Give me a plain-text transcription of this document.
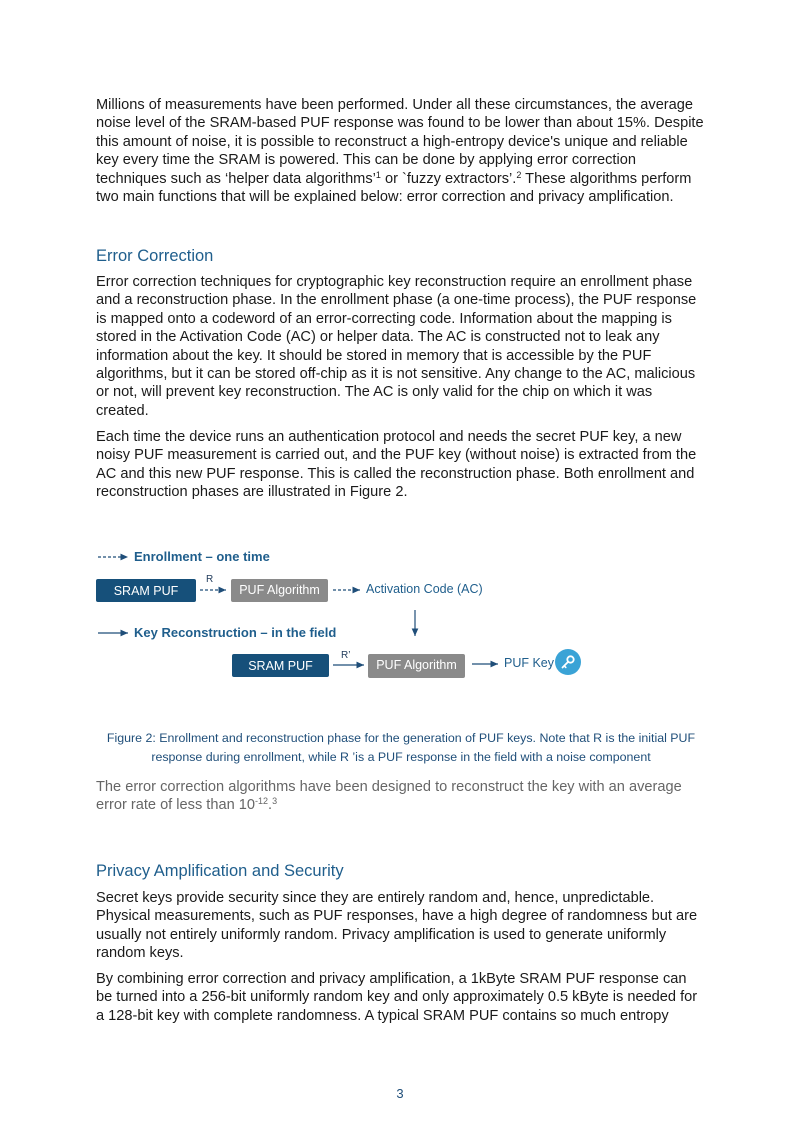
Millions of measurements have been performed. Under all these circumstances, the average noise level of the SRAM-based PUF response was found to be lower than about 15%. Despite this amount of noise, it is possible to reconstruct a high-entropy device's unique and reliable key every time the SRAM is powered. This can be done by applying error correction techniques such as ‘helper data algorithms’$^1$ or `fuzzy extractors’.$^2$ These algorithms perform two main functions that will be explained below: error correction and privacy amplification.

Error Correction

Error correction techniques for cryptographic key reconstruction require an enrollment phase and a reconstruction phase. In the enrollment phase (a one-time process), the PUF response is mapped onto a codeword of an error-correcting code. Information about the mapping is stored in the Activation Code (AC) or helper data. The AC is constructed not to leak any information about the key. It should be stored in memory that is accessible by the PUF algorithms, but it can be stored off-chip as it is not sensitive. Any change to the AC, malicious or not, will prevent key reconstruction. The AC is only valid for the chip on which it was created.

Each time the device runs an authentication protocol and needs the secret PUF key, a new noisy PUF measurement is carried out, and the PUF key (without noise) is extracted from the AC and this new PUF response. This is called the reconstruction phase. Both enrollment and reconstruction phases are illustrated in Figure 2.

Figure 2: Enrollment and reconstruction phase for the generation of PUF keys. Note that R is the initial PUF response during enrollment, while R ’is a PUF response in the field with a noise component

The error correction algorithms have been designed to reconstruct the key with an average error rate of less than $10^{-12}.^3$

Privacy Amplification and Security

Secret keys provide security since they are entirely random and, hence, unpredictable. Physical measurements, such as PUF responses, have a high degree of randomness but are usually not entirely uniformly random. Privacy amplification is used to generate uniformly random keys.

By combining error correction and privacy amplification, a 1kByte SRAM PUF response can be turned into a 256-bit uniformly random key and only approximately 0.5 kByte is needed for a 128-bit key with complete randomness. A typical SRAM PUF contains so much entropy

Enrollment – one time
SRAM PUF
R
PUF Algorithm	Activation Code (AC)
Key Reconstruction – in the field
SRAM PUF
R’
PUF Algorithm	PUF Key
3
